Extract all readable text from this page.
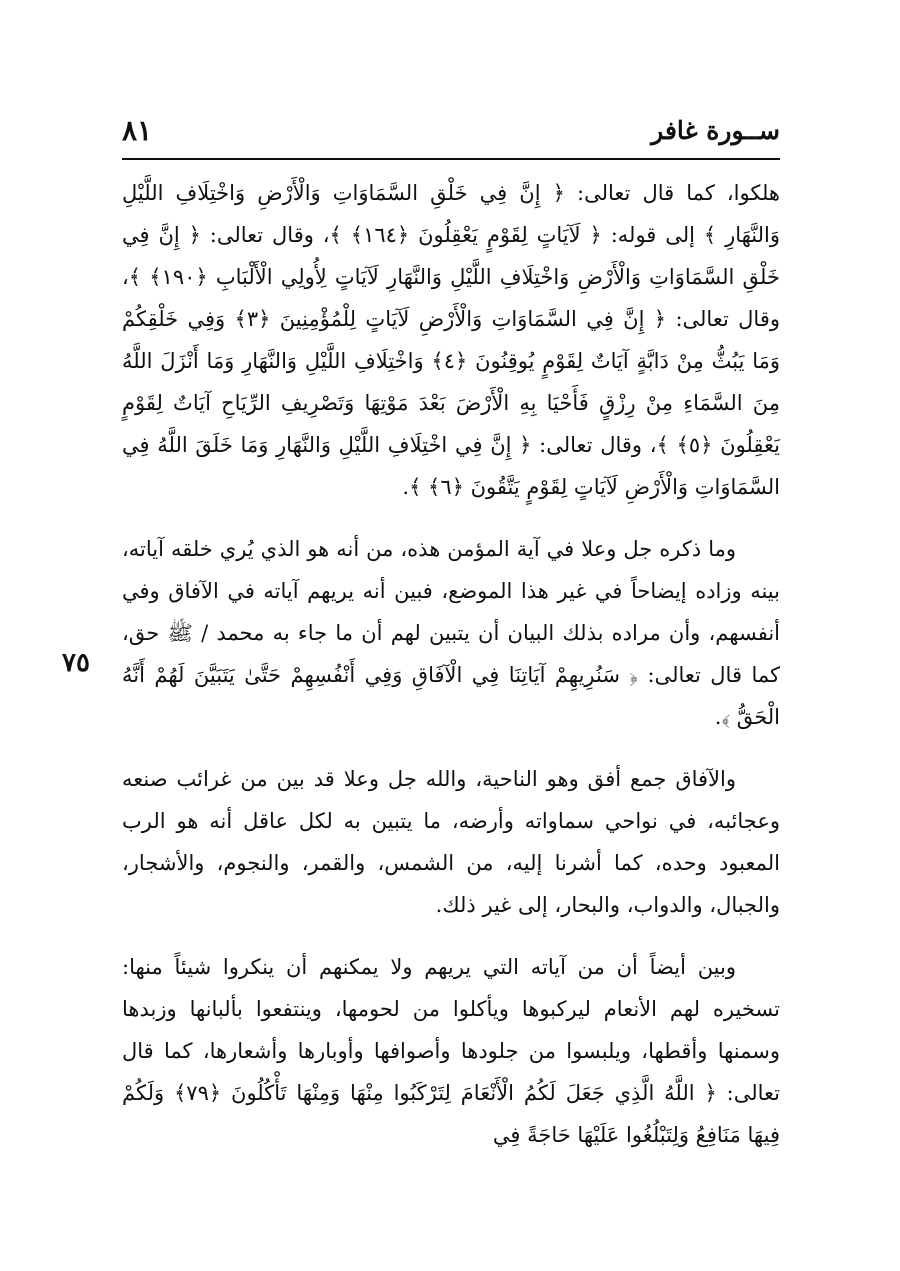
ســورة غافر
٨١
٧٥

هلكوا، كما قال تعالى: ﴿ إِنَّ فِي خَلْقِ السَّمَاوَاتِ وَالْأَرْضِ وَاخْتِلَافِ اللَّيْلِ وَالنَّهَارِ ﴾ إلى قوله: ﴿ لَآيَاتٍ لِقَوْمٍ يَعْقِلُونَ ﴿١٦٤﴾ ﴾، وقال تعالى: ﴿ إِنَّ فِي خَلْقِ السَّمَاوَاتِ وَالْأَرْضِ وَاخْتِلَافِ اللَّيْلِ وَالنَّهَارِ لَآيَاتٍ لِأُولِي الْأَلْبَابِ ﴿١٩٠﴾ ﴾، وقال تعالى: ﴿ إِنَّ فِي السَّمَاوَاتِ وَالْأَرْضِ لَآيَاتٍ لِلْمُؤْمِنِينَ ﴿٣﴾ وَفِي خَلْقِكُمْ وَمَا يَبُثُّ مِنْ دَابَّةٍ آيَاتٌ لِقَوْمٍ يُوقِنُونَ ﴿٤﴾ وَاخْتِلَافِ اللَّيْلِ وَالنَّهَارِ وَمَا أَنْزَلَ اللَّهُ مِنَ السَّمَاءِ مِنْ رِزْقٍ فَأَحْيَا بِهِ الْأَرْضَ بَعْدَ مَوْتِهَا وَتَصْرِيفِ الرِّيَاحِ آيَاتٌ لِقَوْمٍ يَعْقِلُونَ ﴿٥﴾ ﴾، وقال تعالى: ﴿ إِنَّ فِي اخْتِلَافِ اللَّيْلِ وَالنَّهَارِ وَمَا خَلَقَ اللَّهُ فِي السَّمَاوَاتِ وَالْأَرْضِ لَآيَاتٍ لِقَوْمٍ يَتَّقُونَ ﴿٦﴾ ﴾.

وما ذكره جل وعلا في آية المؤمن هذه، من أنه هو الذي يُري خلقه آياته، بينه وزاده إيضاحاً في غير هذا الموضع، فبين أنه يريهم آياته في الآفاق وفي أنفسهم، وأن مراده بذلك البيان أن يتبين لهم أن ما جاء به محمد / ﷺ حق، كما قال تعالى: ﴿ سَنُرِيهِمْ آيَاتِنَا فِي الْآفَاقِ وَفِي أَنْفُسِهِمْ حَتَّىٰ يَتَبَيَّنَ لَهُمْ أَنَّهُ الْحَقُّ ﴾.

والآفاق جمع أفق وهو الناحية، والله جل وعلا قد بين من غرائب صنعه وعجائبه، في نواحي سماواته وأرضه، ما يتبين به لكل عاقل أنه هو الرب المعبود وحده، كما أشرنا إليه، من الشمس، والقمر، والنجوم، والأشجار، والجبال، والدواب، والبحار، إلى غير ذلك.

وبين أيضاً أن من آياته التي يريهم ولا يمكنهم أن ينكروا شيئاً منها: تسخيره لهم الأنعام ليركبوها ويأكلوا من لحومها، وينتفعوا بألبانها وزبدها وسمنها وأقطها، ويلبسوا من جلودها وأصوافها وأوبارها وأشعارها، كما قال تعالى: ﴿ اللَّهُ الَّذِي جَعَلَ لَكُمُ الْأَنْعَامَ لِتَرْكَبُوا مِنْهَا وَمِنْهَا تَأْكُلُونَ ﴿٧٩﴾ وَلَكُمْ فِيهَا مَنَافِعُ وَلِتَبْلُغُوا عَلَيْهَا حَاجَةً فِي
